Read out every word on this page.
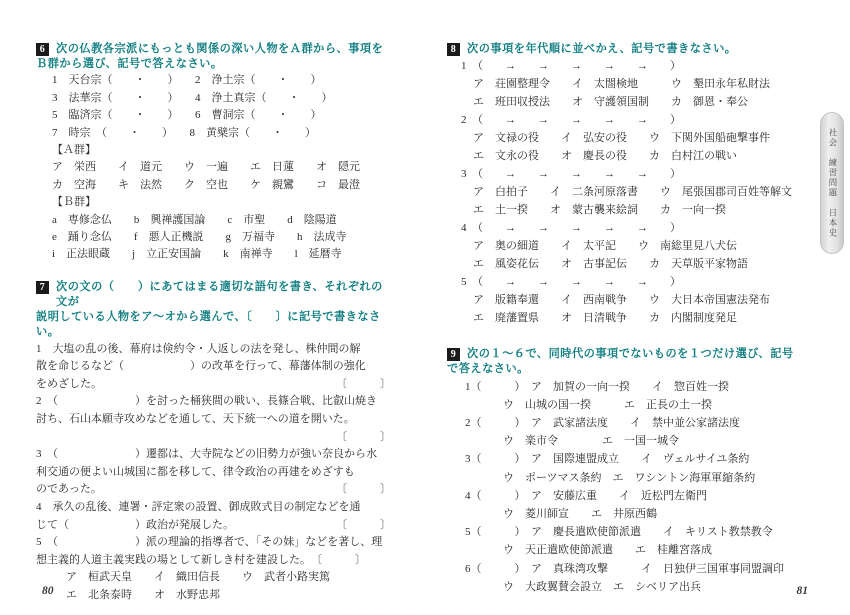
6 次の仏教各宗派にもっとも関係の深い人物をＡ群から、事項を
Ｂ群から選び、記号で答えなさい。
1　 天台宗（　　・　　）　　2　 浄土宗（　　・　　）
3　 法華宗（　　・　　）　　4　 浄土真宗（　　・　　）
5　 臨済宗（　　・　　）　　6　 曹洞宗（　　・　　）
7　 時宗　（　　・　　）　　8　 黄檗宗（　　・　　）
【Ａ群】
ア　栄西　　イ　道元　　ウ　一遍　　エ　日蓮　　オ　隠元
カ　空海　　キ　法然　　ク　空也　　ケ　親鸞　　コ　最澄
【Ｂ群】
a　専修念仏　　b　興禅護国論　　c　市聖　　d　陰陽道
e　踊り念仏　　f　悪人正機説　　g　万福寺　　h　法成寺
i　正法眼蔵　　j　立正安国論　　k　南禅寺　　l　延暦寺
7 次の文の（　　）にあてはまる適切な語句を書き、それぞれの文が
説明している人物をア〜オから選んで、〔　　〕に記号で書きなさい。
1　 大塩の乱の後、幕府は倹約令・人返しの法を発し、株仲間の解
散を命じるなど（　　　　　　）の改革を行って、幕藩体制の強化
をめざした。	〔　　　〕
2　 （　　　　　　　）を討った桶狭間の戦い、長篠合戦、比叡山焼き
討ち、石山本願寺攻めなどを通して、天下統一への道を開いた。
〔　　　〕
3　 （　　　　　　　）遷都は、大寺院などの旧勢力が強い奈良から水
利交通の便よい山城国に都を移して、律令政治の再建をめざすも
のであった。	〔　　　〕
4　 承久の乱後、連署・評定衆の設置、御成敗式目の制定などを通
じて（　　　　　　）政治が発展した。	〔　　　〕
5　 （　　　　　　　）派の理論的指導者で、「その妹」などを著し、理
想主義的人道主義実践の場として新しき村を建設した。　 〔　　　〕
ア　桓武天皇　　イ　織田信長　　ウ　武者小路実篤
エ　北条泰時　　オ　水野忠邦
80
8 次の事項を年代順に並べかえ、記号で書きなさい。
1　 （　　→　　→　　→　　→　　→　　）
ア　荘園整理令　　イ　太閤検地　　　ウ　墾田永年私財法
エ　班田収授法　　オ　守護領国制　　カ　御恩・奉公
2　 （　　→　　→　　→　　→　　→　　）
ア　文禄の役　　イ　弘安の役　　ウ　下関外国船砲撃事件
エ　文永の役　　オ　慶長の役　　カ　白村江の戦い
3　 （　　→　　→　　→　　→　　→　　）
ア　白拍子　　イ　二条河原落書　　ウ　尾張国郡司百姓等解文
エ　土一揆　　オ　蒙古襲来絵詞　　カ　一向一揆
4　 （　　→　　→　　→　　→　　→　　）
ア　奥の細道　　イ　太平記　　ウ　南総里見八犬伝
エ　風姿花伝　　オ　古事記伝　　カ　天草版平家物語
5　 （　　→　　→　　→　　→　　→　　）
ア　版籍奉還　　イ　西南戦争　　ウ　大日本帝国憲法発布
エ　廃藩置県　　オ　日清戦争　　カ　内閣制度発足
9 次の１〜６で、同時代の事項でないものを１つだけ選び、記号
で答えなさい。
1（　　　）　 ア　加賀の一向一揆　　イ　惣百姓一揆
ウ　山城の国一揆　　　エ　正長の土一揆
2（　　　）　 ア　武家諸法度　　イ　禁中並公家諸法度
ウ　楽市令　　　　エ　一国一城令
3（　　　）　 ア　国際連盟成立　　イ　ヴェルサイユ条約
ウ　ポーツマス条約　エ　ワシントン海軍軍縮条約
4（　　　）　 ア　安藤広重　　イ　近松門左衛門
ウ　菱川師宣　　エ　井原西鶴
5（　　　）　 ア　慶長遣欧使節派遣　　イ　キリスト教禁教令
ウ　天正遣欧使節派遣　　エ　桂離宮落成
6（　　　）　 ア　真珠湾攻撃　　　イ　日独伊三国軍事同盟調印
ウ　大政翼賛会設立　エ　シベリア出兵
社会　練習問題　日本史
81
